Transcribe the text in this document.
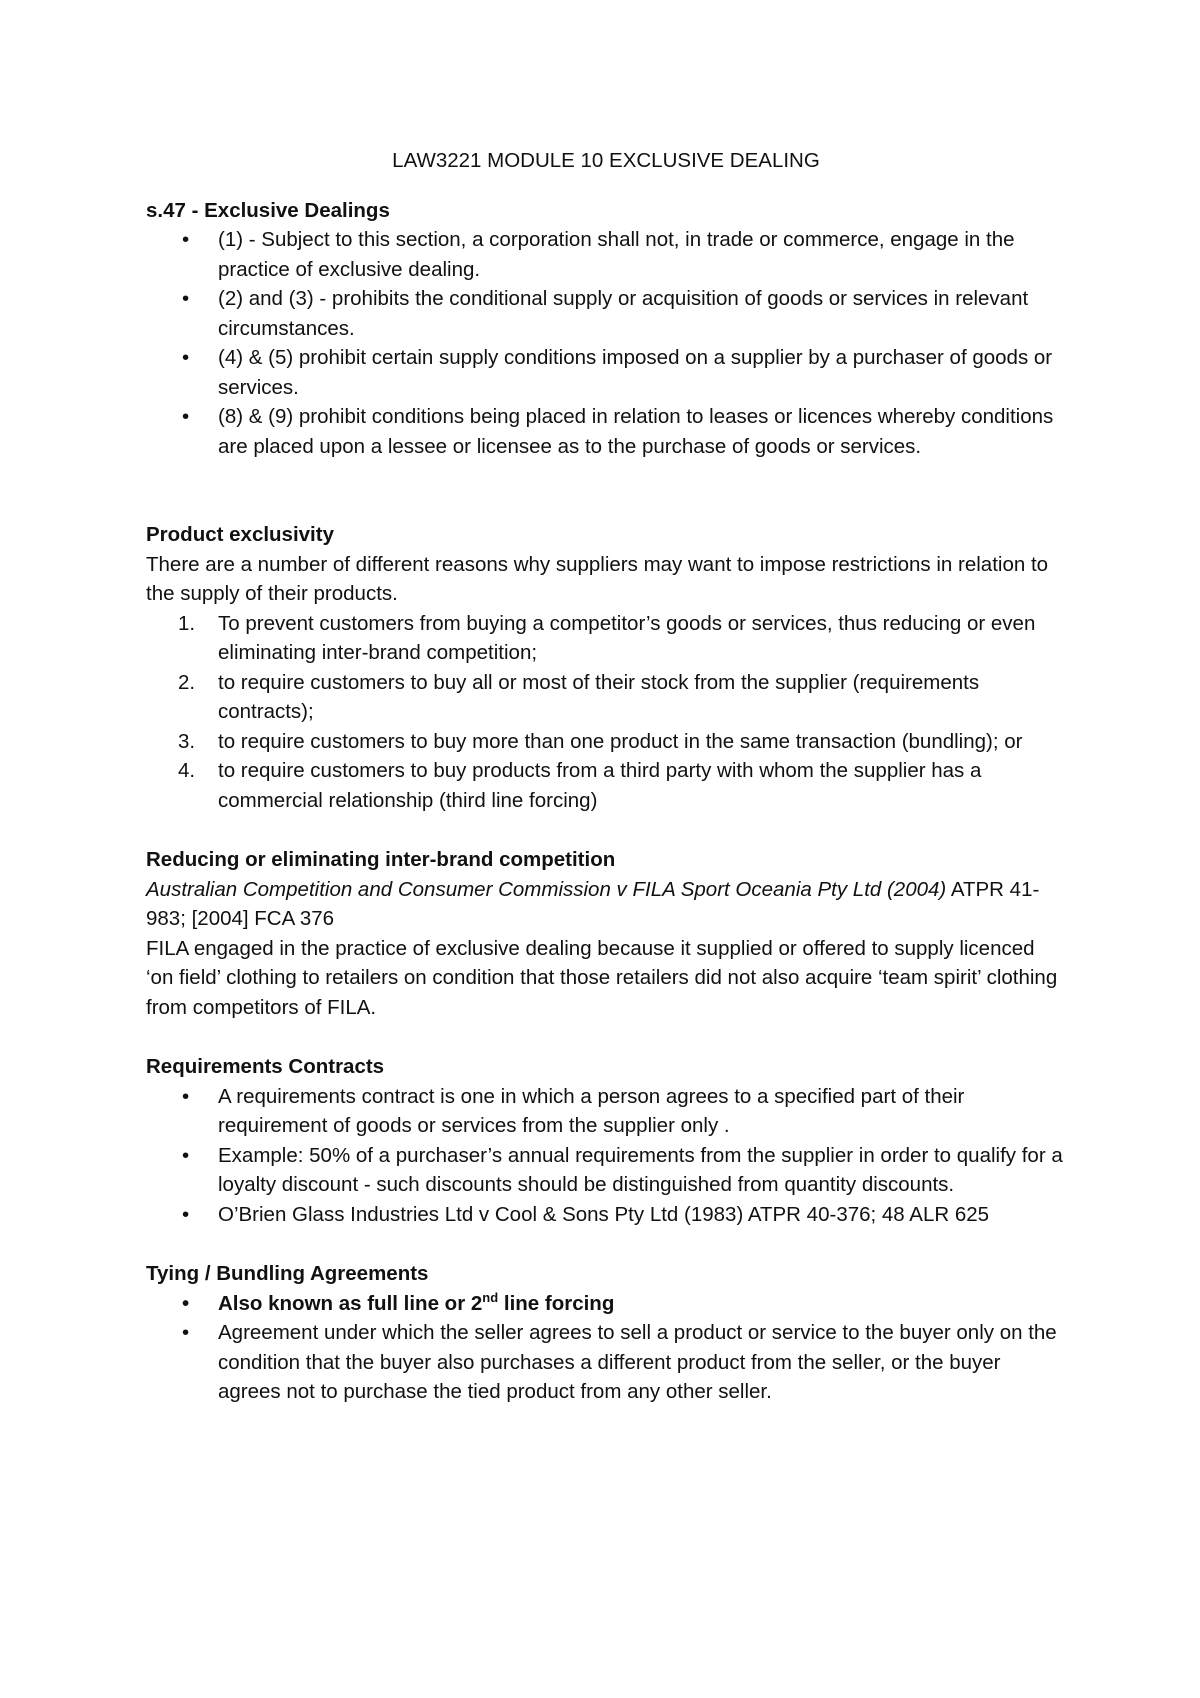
LAW3221 MODULE 10 EXCLUSIVE DEALING

s.47 - Exclusive Dealings

• (1) - Subject to this section, a corporation shall not, in trade or commerce, engage in the practice of exclusive dealing.
• (2) and (3) - prohibits the conditional supply or acquisition of goods or services in relevant circumstances.
• (4) & (5) prohibit certain supply conditions imposed on a supplier by a purchaser of goods or services.
• (8) & (9) prohibit conditions being placed in relation to leases or licences whereby conditions are placed upon a lessee or licensee as to the purchase of goods or services.

Product exclusivity

There are a number of different reasons why suppliers may want to impose restrictions in relation to the supply of their products.

1. To prevent customers from buying a competitor’s goods or services, thus reducing or even eliminating inter-brand competition;
2. to require customers to buy all or most of their stock from the supplier (requirements contracts);
3. to require customers to buy more than one product in the same transaction (bundling); or
4. to require customers to buy products from a third party with whom the supplier has a commercial relationship (third line forcing)

Reducing or eliminating inter-brand competition

Australian Competition and Consumer Commission v FILA Sport Oceania Pty Ltd (2004) ATPR 41-983; [2004] FCA 376

FILA engaged in the practice of exclusive dealing because it supplied or offered to supply licenced ‘on field’ clothing to retailers on condition that those retailers did not also acquire ‘team spirit’ clothing from competitors of FILA.

Requirements Contracts

• A requirements contract is one in which a person agrees to a specified part of their requirement of goods or services from the supplier only .
• Example: 50% of a purchaser’s annual requirements from the supplier in order to qualify for a loyalty discount - such discounts should be distinguished from quantity discounts.
• O’Brien Glass Industries Ltd v Cool & Sons Pty Ltd (1983) ATPR 40-376; 48 ALR 625

Tying / Bundling Agreements

• Also known as full line or 2nd line forcing
• Agreement under which the seller agrees to sell a product or service to the buyer only on the condition that the buyer also purchases a different product from the seller, or the buyer agrees not to purchase the tied product from any other seller.
